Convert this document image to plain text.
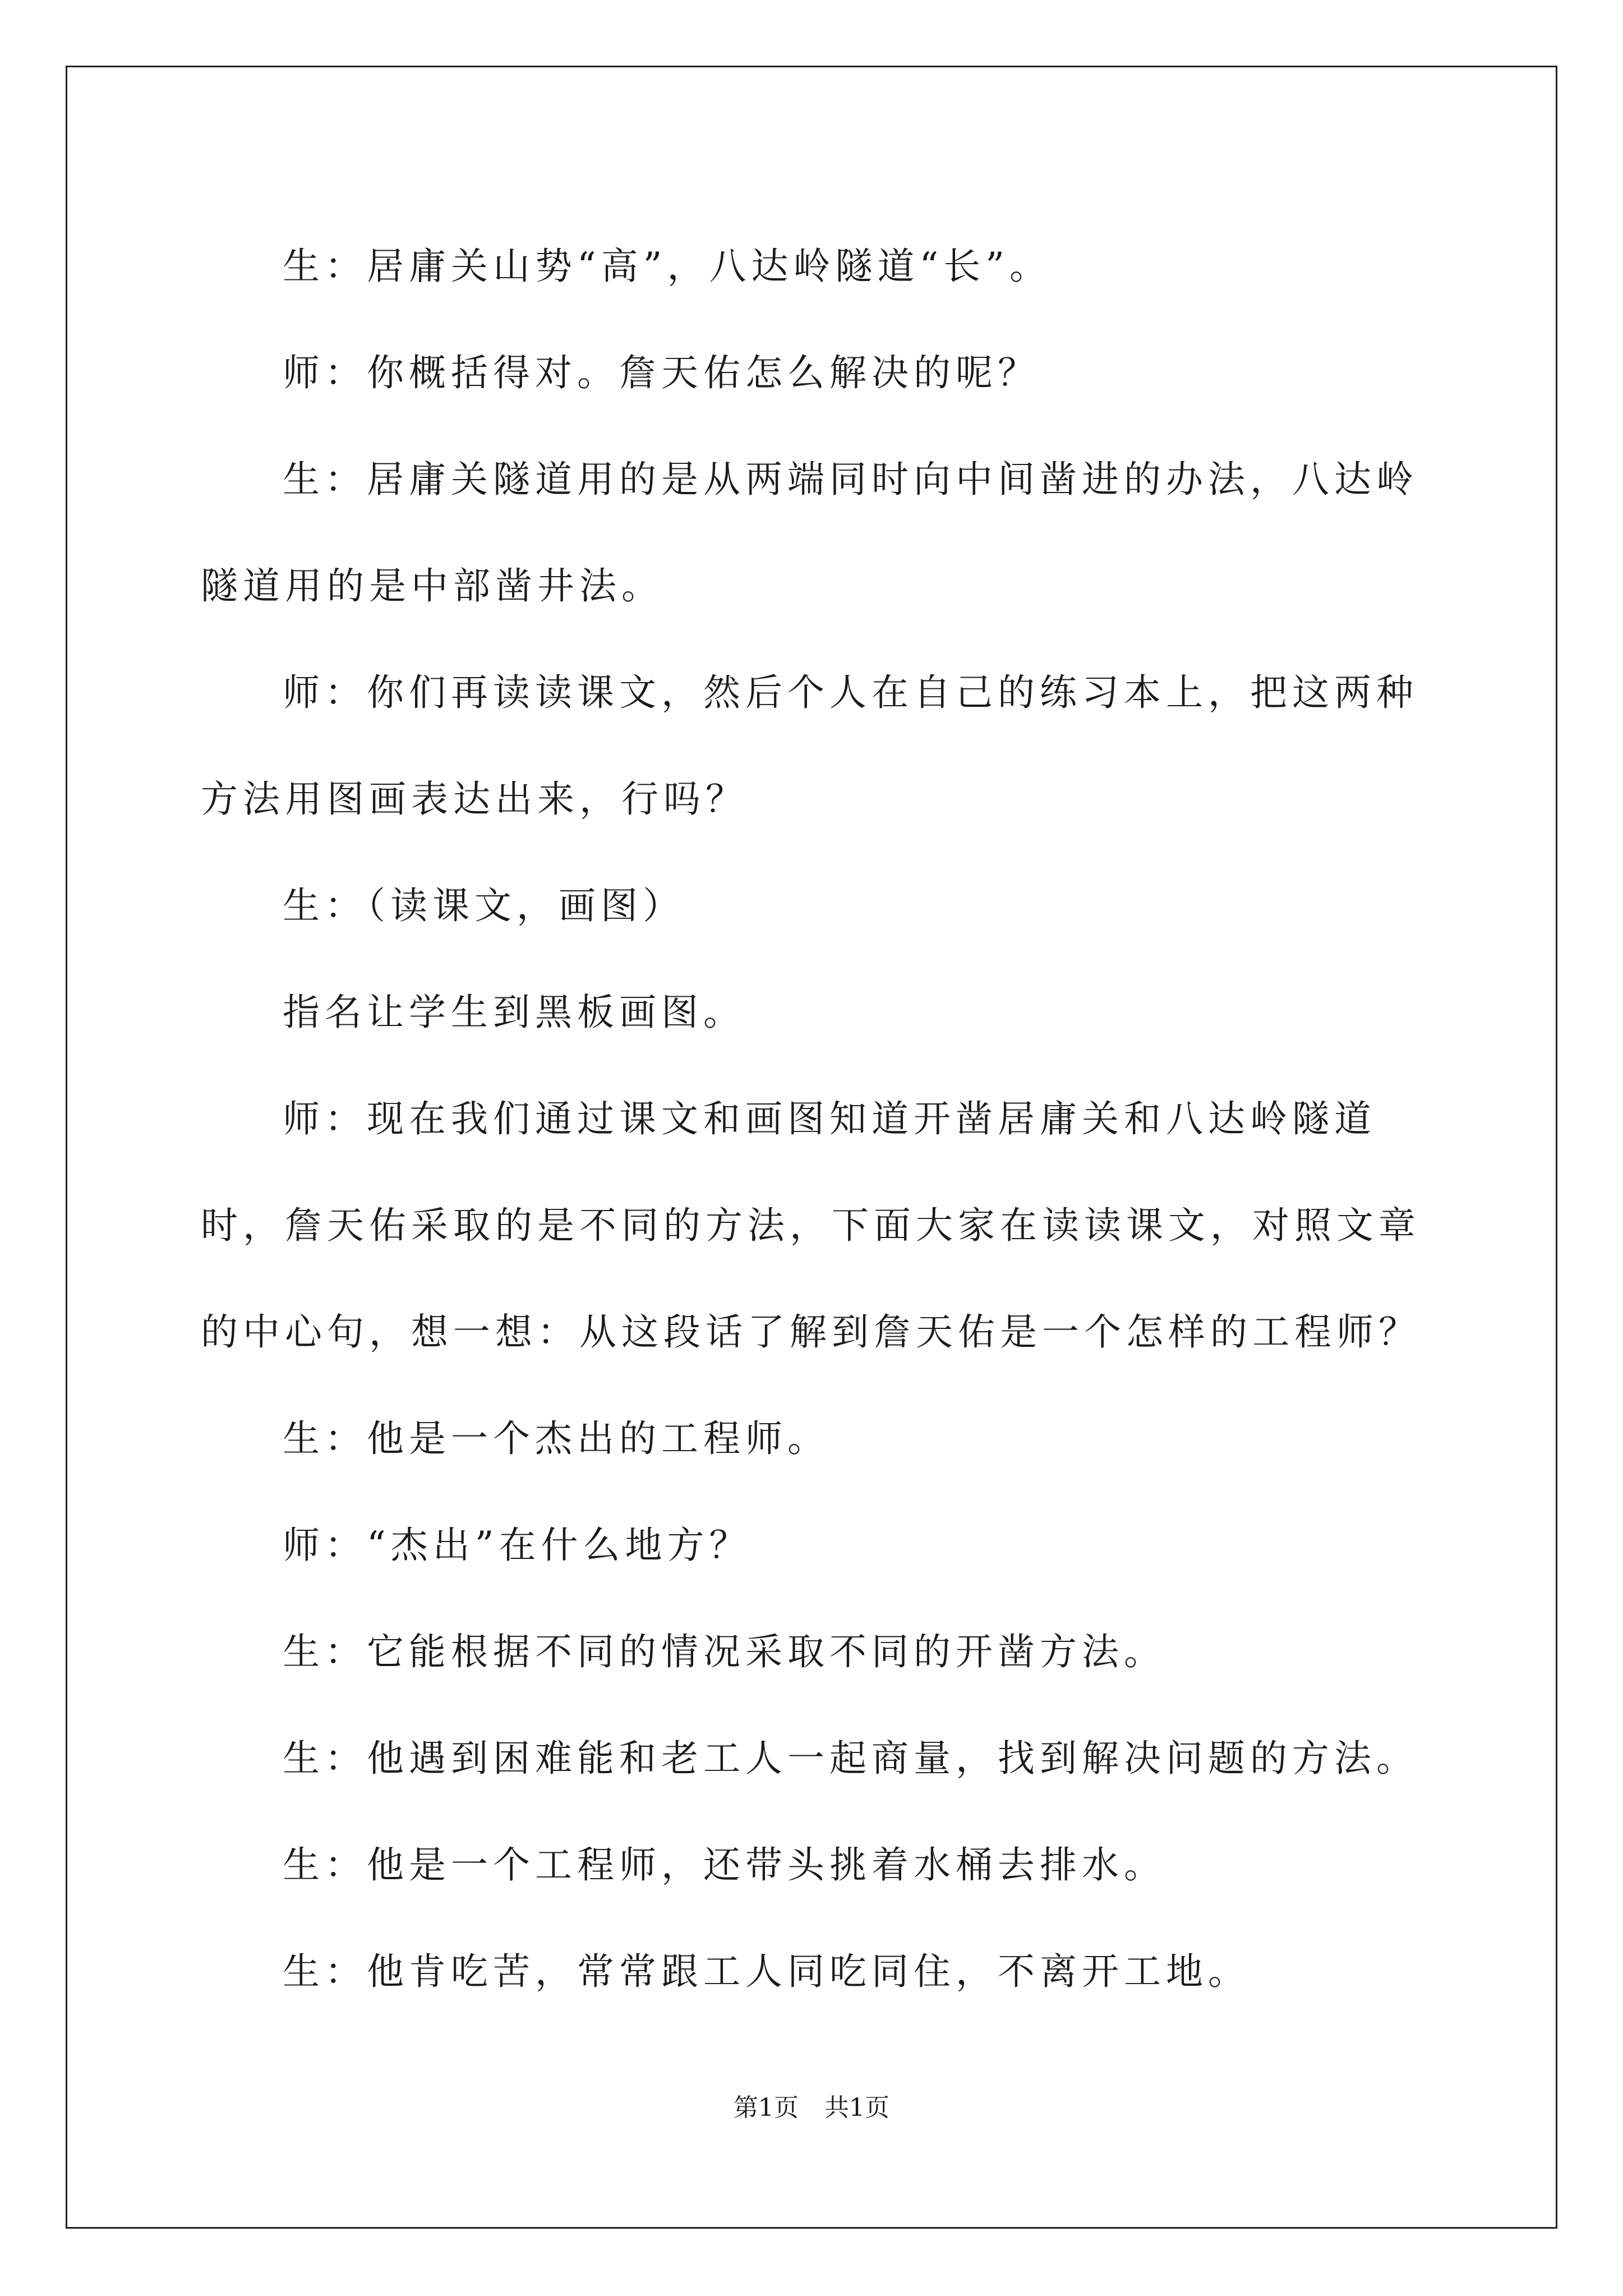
生：居庸关山势“高”，八达岭隧道“长”。

师：你概括得对。詹天佑怎么解决的呢？

生：居庸关隧道用的是从两端同时向中间凿进的办法，八达岭隧道用的是中部凿井法。

师：你们再读读课文，然后个人在自己的练习本上，把这两种方法用图画表达出来，行吗？

生：（读课文，画图）

指名让学生到黑板画图。

师：现在我们通过课文和画图知道开凿居庸关和八达岭隧道时，詹天佑采取的是不同的方法，下面大家在读读课文，对照文章的中心句，想一想：从这段话了解到詹天佑是一个怎样的工程师？

生：他是一个杰出的工程师。

师：“杰出”在什么地方？

生：它能根据不同的情况采取不同的开凿方法。

生：他遇到困难能和老工人一起商量，找到解决问题的方法。

生：他是一个工程师，还带头挑着水桶去排水。

生：他肯吃苦，常常跟工人同吃同住，不离开工地。

第1页 共1页
